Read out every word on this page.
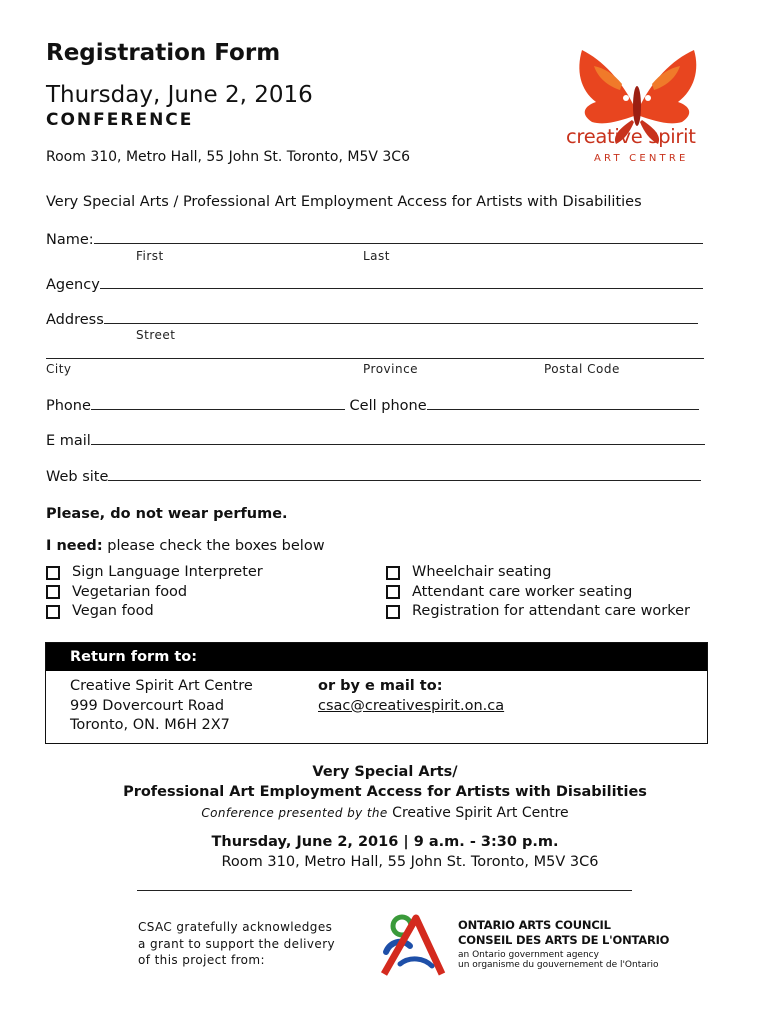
Registration Form
Thursday, June 2, 2016
CONFERENCE
Room 310, Metro Hall, 55 John St. Toronto, M5V 3C6
Very Special Arts / Professional Art Employment Access for Artists with Disabilities
creative spirit
ART CENTRE
Name:
First	Last
Agency
Address
Street
City	Province	Postal Code
Phone	Cell phone
E mail
Web site
Please, do not wear perfume.
I need: please check the boxes below
Sign Language Interpreter
Vegetarian food
Vegan food
Wheelchair seating
Attendant care worker seating
Registration for attendant care worker
Return form to:
Creative Spirit Art Centre
999 Dovercourt Road
Toronto, ON. M6H 2X7
or by e mail to:
csac@creativespirit.on.ca
Very Special Arts/
Professional Art Employment Access for Artists with Disabilities
Conference presented by the Creative Spirit Art Centre
Thursday, June 2, 2016 | 9 a.m. - 3:30 p.m.
Room 310, Metro Hall, 55 John St. Toronto, M5V 3C6
CSAC gratefully acknowledges
a grant to support the delivery
of this project from:
ONTARIO ARTS COUNCIL
CONSEIL DES ARTS DE L'ONTARIO
an Ontario government agency
un organisme du gouvernement de l'Ontario
